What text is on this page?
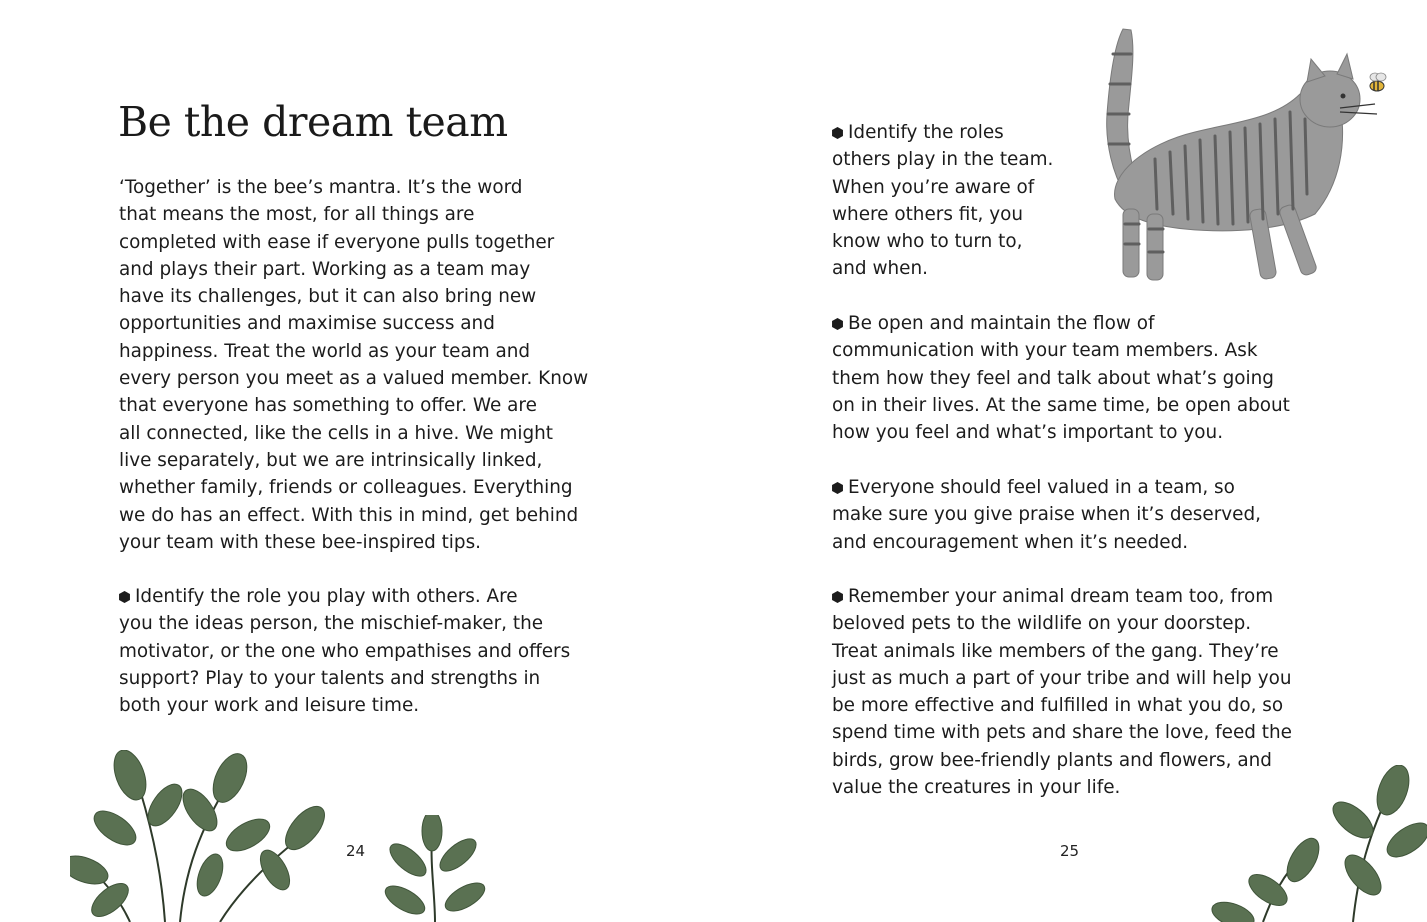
Be the dream team

‘Together’ is the bee’s mantra. It’s the word
that means the most, for all things are
completed with ease if everyone pulls together
and plays their part. Working as a team may
have its challenges, but it can also bring new
opportunities and maximise success and
happiness. Treat the world as your team and
every person you meet as a valued member. Know
that everyone has something to offer. We are
all connected, like the cells in a hive. We might
live separately, but we are intrinsically linked,
whether family, friends or colleagues. Everything
we do has an effect. With this in mind, get behind
your team with these bee-inspired tips.

Identify the role you play with others. Are
you the ideas person, the mischief-maker, the
motivator, or the one who empathises and offers
support? Play to your talents and strengths in
both your work and leisure time.

24

Identify the roles
others play in the team.
When you’re aware of
where others fit, you
know who to turn to,
and when.

Be open and maintain the flow of
communication with your team members. Ask
them how they feel and talk about what’s going
on in their lives. At the same time, be open about
how you feel and what’s important to you.

Everyone should feel valued in a team, so
make sure you give praise when it’s deserved,
and encouragement when it’s needed.

Remember your animal dream team too, from
beloved pets to the wildlife on your doorstep.
Treat animals like members of the gang. They’re
just as much a part of your tribe and will help you
be more effective and fulfilled in what you do, so
spend time with pets and share the love, feed the
birds, grow bee-friendly plants and flowers, and
value the creatures in your life.

25
